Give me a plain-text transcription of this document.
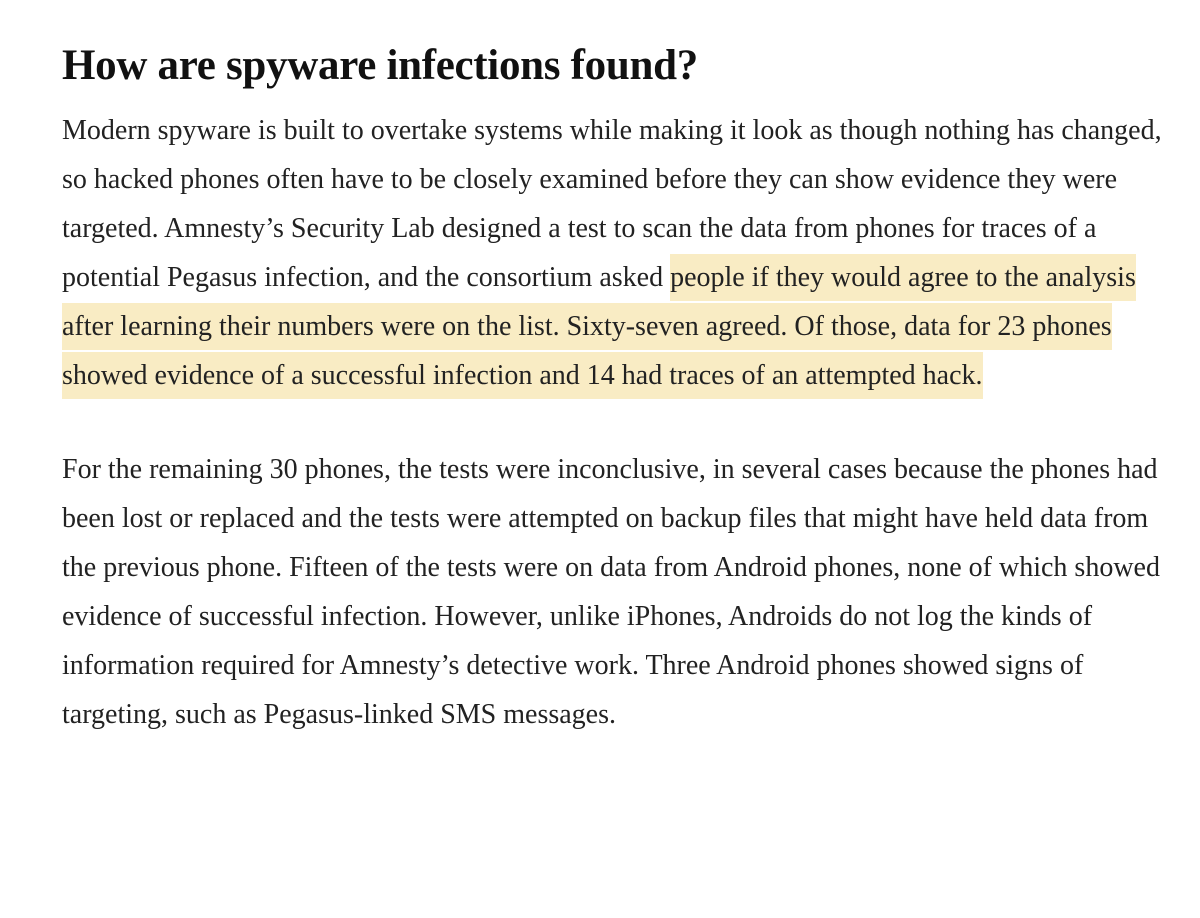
How are spyware infections found?

Modern spyware is built to overtake systems while making it look as though nothing has changed, so hacked phones often have to be closely examined before they can show evidence they were targeted. Amnesty’s Security Lab designed a test to scan the data from phones for traces of a potential Pegasus infection, and the consortium asked people if they would agree to the analysis after learning their numbers were on the list. Sixty-seven agreed. Of those, data for 23 phones showed evidence of a successful infection and 14 had traces of an attempted hack.

For the remaining 30 phones, the tests were inconclusive, in several cases because the phones had been lost or replaced and the tests were attempted on backup files that might have held data from the previous phone. Fifteen of the tests were on data from Android phones, none of which showed evidence of successful infection. However, unlike iPhones, Androids do not log the kinds of information required for Amnesty’s detective work. Three Android phones showed signs of targeting, such as Pegasus-linked SMS messages.
